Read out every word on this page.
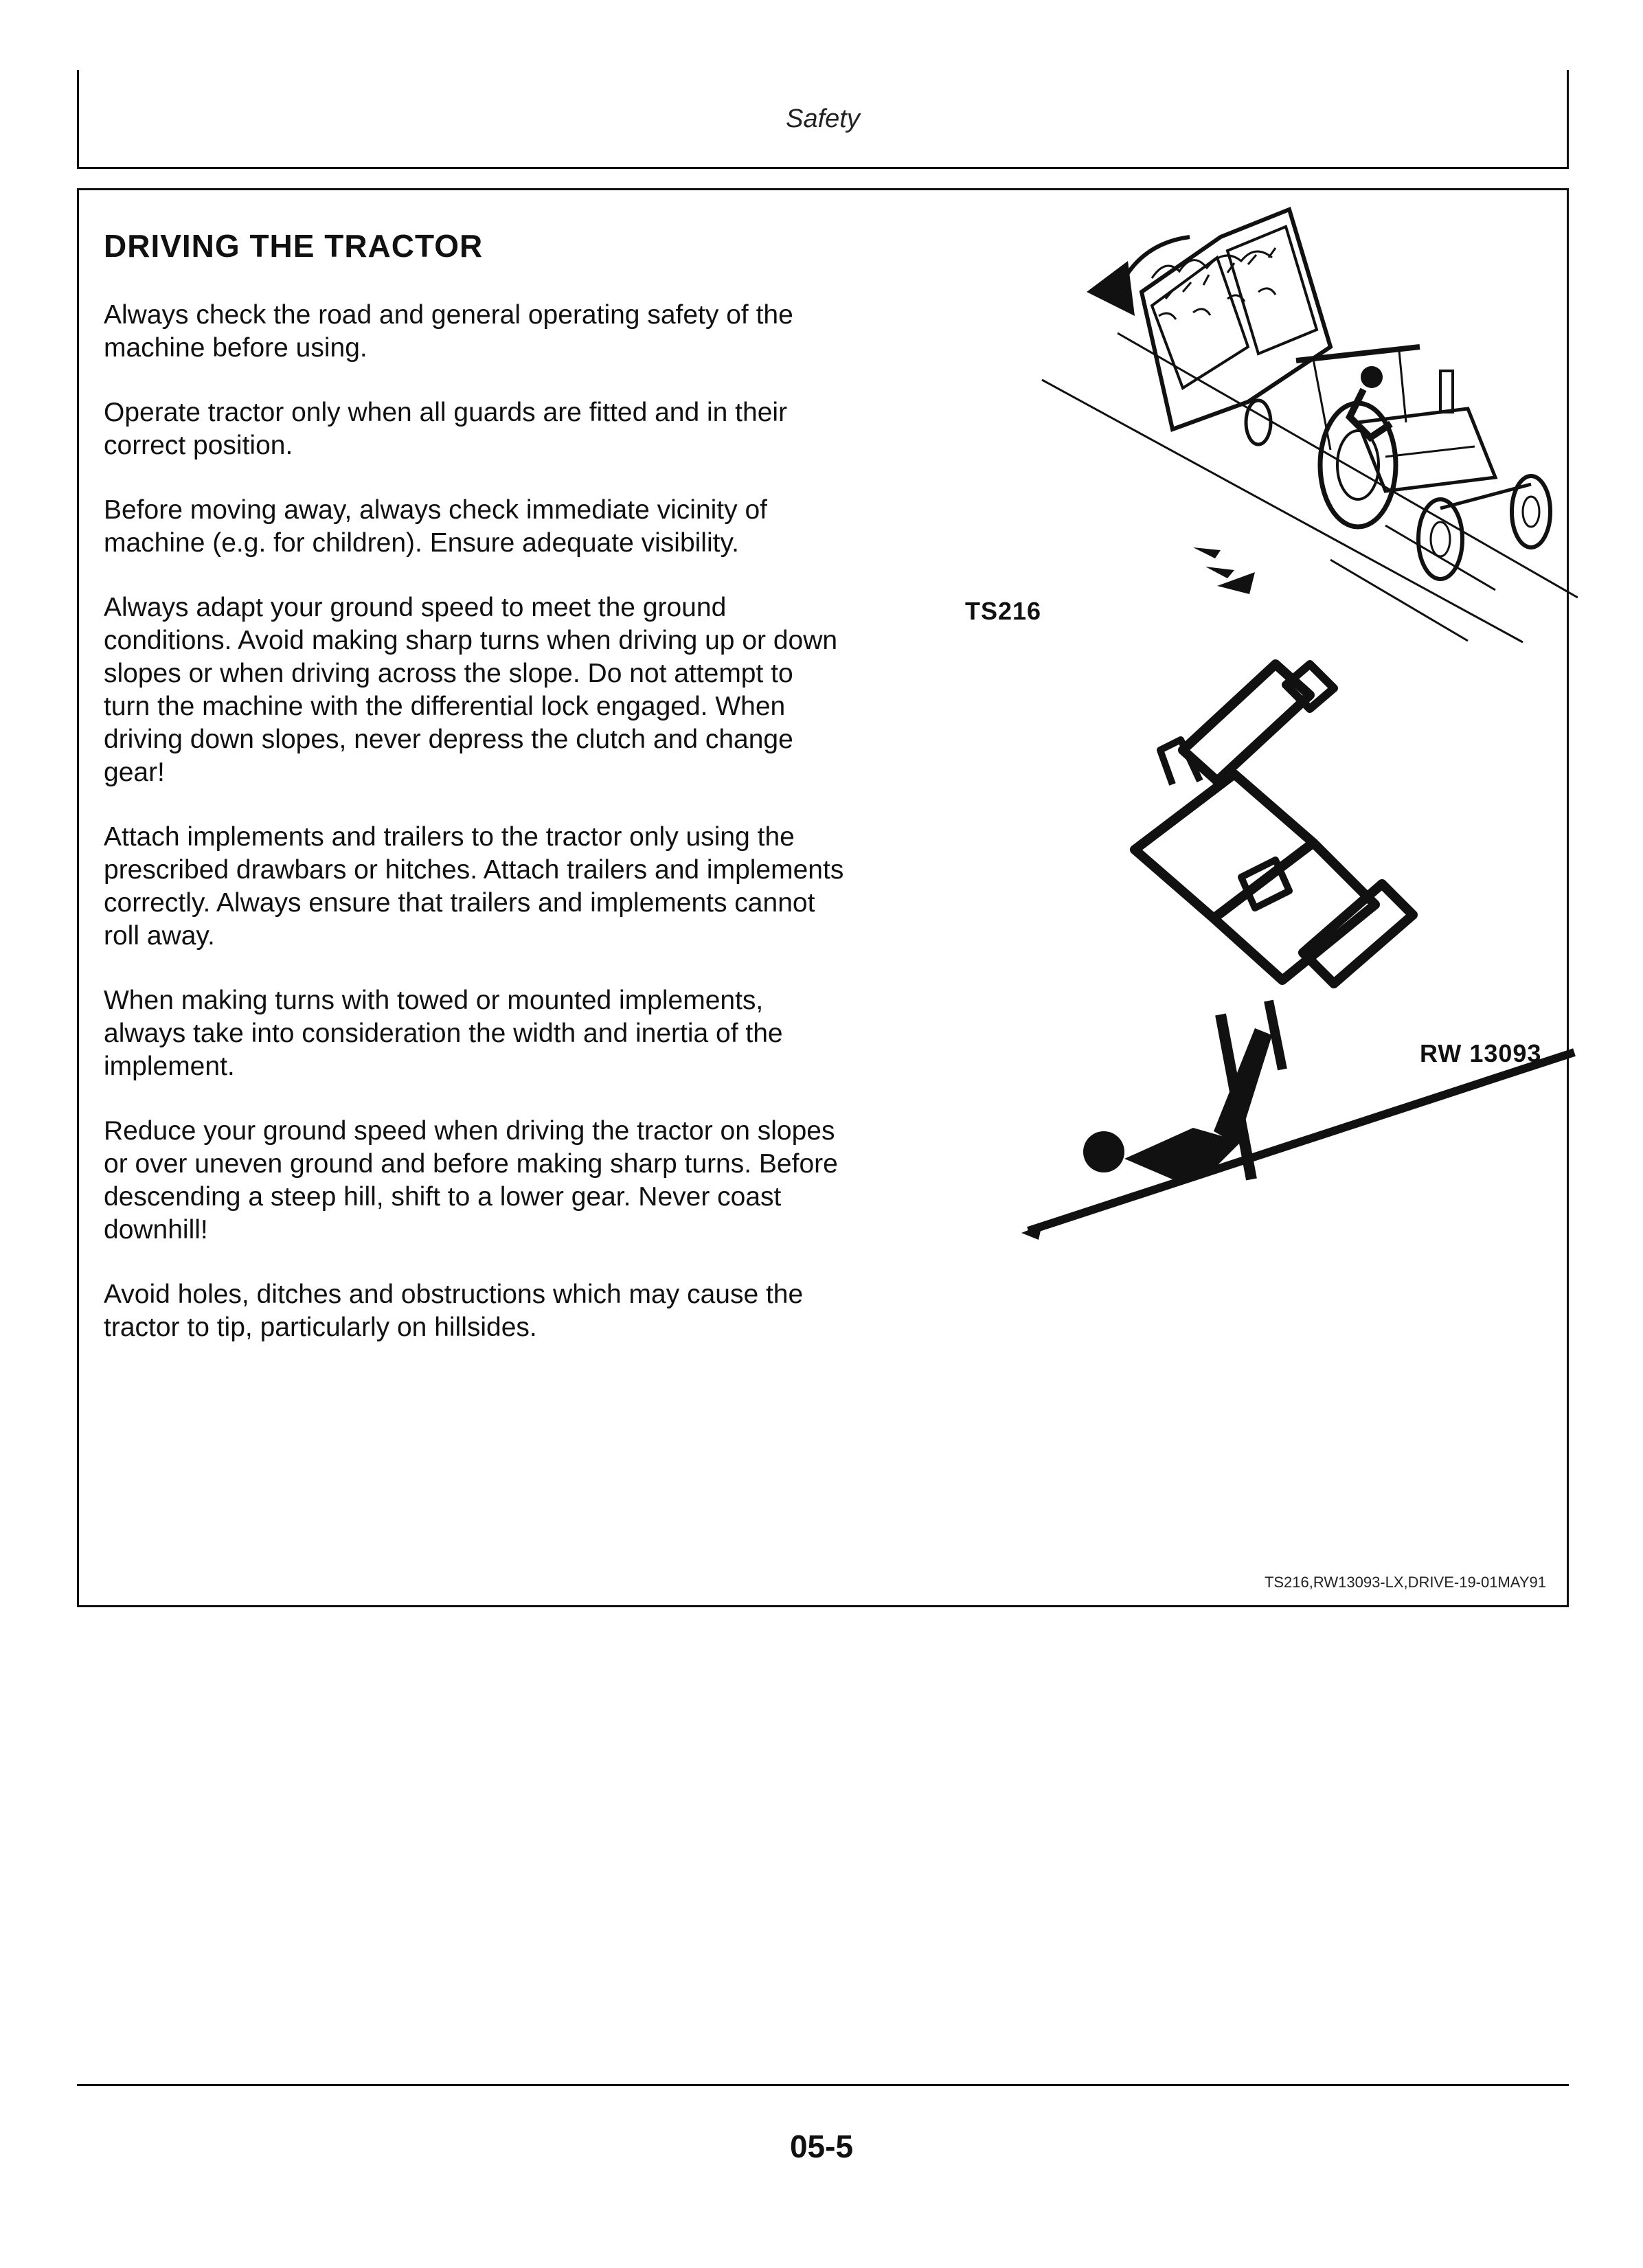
Safety
DRIVING THE TRACTOR

Always check the road and general operating safety of the machine before using.

Operate tractor only when all guards are fitted and in their correct position.

Before moving away, always check immediate vicinity of machine (e.g. for children). Ensure adequate visibility.

Always adapt your ground speed to meet the ground conditions. Avoid making sharp turns when driving up or down slopes or when driving across the slope. Do not attempt to turn the machine with the differential lock engaged. When driving down slopes, never depress the clutch and change gear!

Attach implements and trailers to the tractor only using the prescribed drawbars or hitches. Attach trailers and implements correctly. Always ensure that trailers and implements cannot roll away.

When making turns with towed or mounted implements, always take into consideration the width and inertia of the implement.

Reduce your ground speed when driving the tractor on slopes or over uneven ground and before making sharp turns. Before descending a steep hill, shift to a lower gear. Never coast downhill!

Avoid holes, ditches and obstructions which may cause the tractor to tip, particularly on hillsides.

TS216
RW 13093
TS216,RW13093-LX,DRIVE-19-01MAY91
05-5
